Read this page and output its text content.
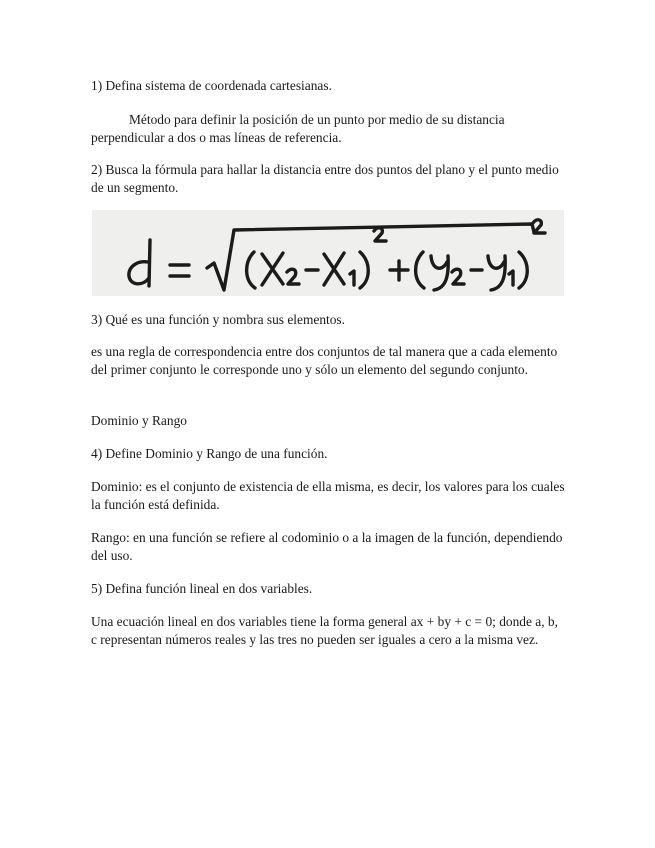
1) Defina sistema de coordenada cartesianas.

Método para definir la posición de un punto por medio de su distancia perpendicular a dos o mas líneas de referencia.

2) Busca la fórmula para hallar la distancia entre dos puntos del plano y el punto medio de un segmento.

3) Qué es una función y nombra sus elementos.

es una regla de correspondencia entre dos conjuntos de tal manera que a cada elemento del primer conjunto le corresponde uno y sólo un elemento del segundo conjunto.

Dominio y Rango

4) Define Dominio y Rango de una función.

Dominio: es el conjunto de existencia de ella misma, es decir, los valores para los cuales la función está definida.

Rango: en una función se refiere al codominio o a la imagen de la función, dependiendo del uso.

5) Defina función lineal en dos variables.

Una ecuación lineal en dos variables tiene la forma general ax + by + c = 0; donde a, b, c representan números reales y las tres no pueden ser iguales a cero a la misma vez.
